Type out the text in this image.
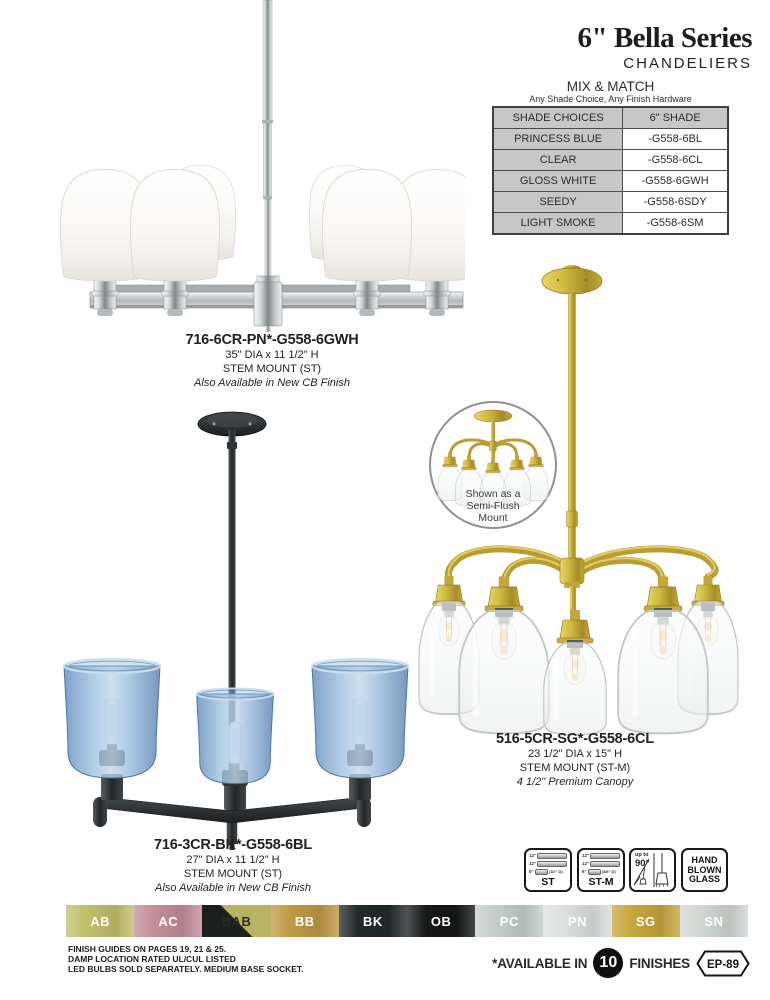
6" Bella Series
CHANDELIERS
MIX & MATCH
Any Shade Choice, Any Finish Hardware
SHADE CHOICES	6" SHADE
PRINCESS BLUE	-G558-6BL
CLEAR	-G558-6CL
GLOSS WHITE	-G558-6GWH
SEEDY	-G558-6SDY
LIGHT SMOKE	-G558-6SM
Shown as a
Semi-Flush
Mount
716-6CR-PN*-G558-6GWH
35" DIA x 11 1/2" H
STEM MOUNT (ST)
Also Available in New CB Finish
716-3CR-BK*-G558-6BL
27" DIA x 11 1/2" H
STEM MOUNT (ST)
Also Available in New CB Finish
516-5CR-SG*-G558-6CL
23 1/2" DIA x 15" H
STEM MOUNT (ST-M)
4 1/2" Premium Canopy
12"
12"
6"	(1/2" D)
ST
12"
12"
6"	(3/8" D)
ST-M
up to
90°	HAND
BLOWN
GLASS
AB	AC	BAB	BB	BK	OB	PC	PN	SG	SN
FINISH GUIDES ON PAGES 19, 21 & 25.
DAMP LOCATION RATED UL/CUL LISTED
LED BULBS SOLD SEPARATELY. MEDIUM BASE SOCKET.	*AVAILABLE IN 10 FINISHES EP-89
